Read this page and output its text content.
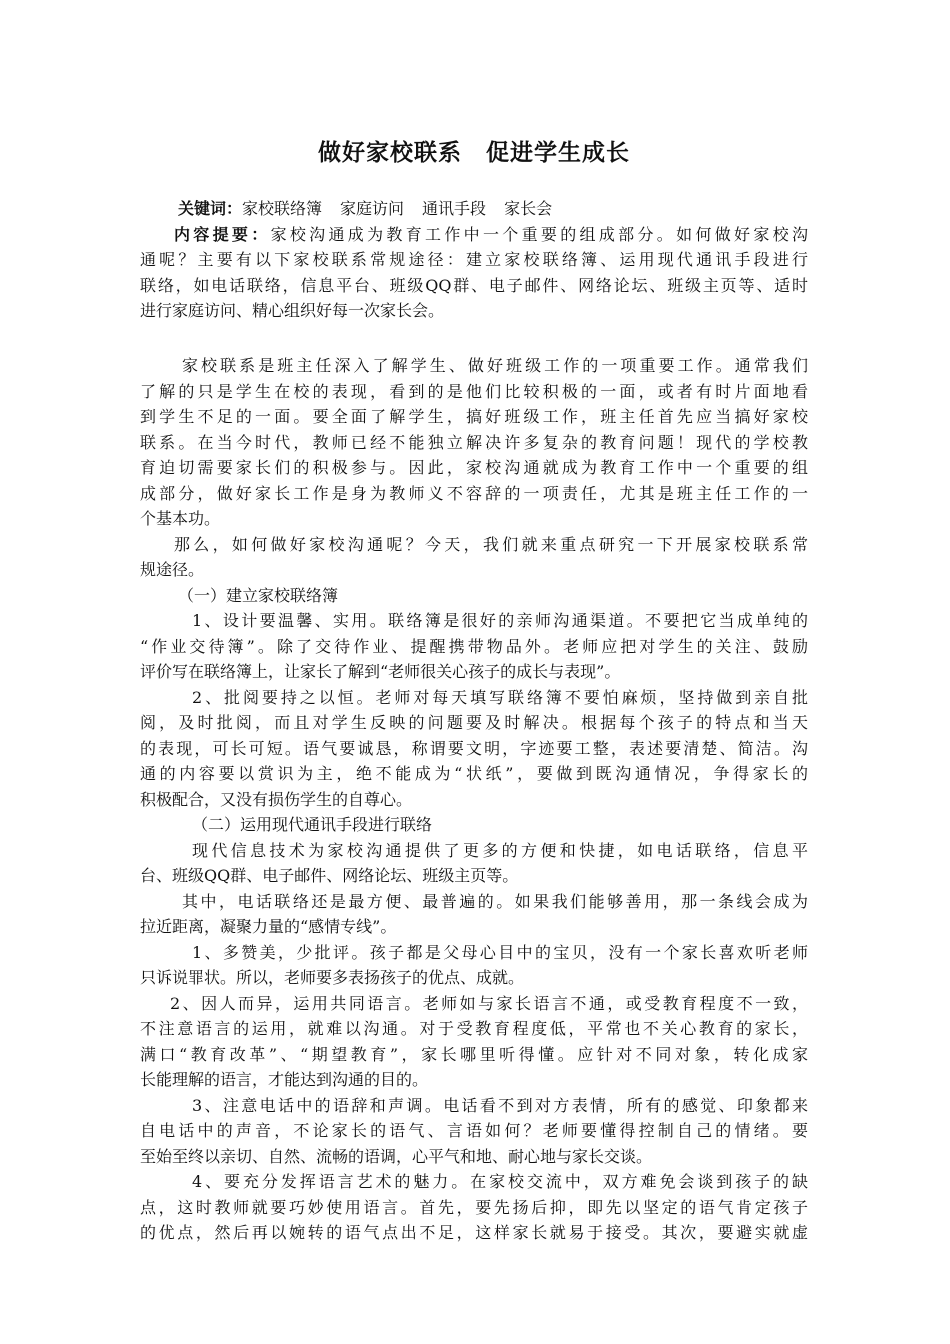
做好家校联系 促进学生成长
关键词：家校联络簿 家庭访问 通讯手段 家长会
内容提要：家校沟通成为教育工作中一个重要的组成部分。如何做好家校沟
通呢？主要有以下家校联系常规途径：建立家校联络簿、运用现代通讯手段进行
联络，如电话联络，信息平台、班级QQ群、电子邮件、网络论坛、班级主页等、适时
进行家庭访问、精心组织好每一次家长会。
家校联系是班主任深入了解学生、做好班级工作的一项重要工作。通常我们
了解的只是学生在校的表现，看到的是他们比较积极的一面，或者有时片面地看
到学生不足的一面。要全面了解学生，搞好班级工作，班主任首先应当搞好家校
联系。在当今时代，教师已经不能独立解决许多复杂的教育问题！现代的学校教
育迫切需要家长们的积极参与。因此，家校沟通就成为教育工作中一个重要的组
成部分，做好家长工作是身为教师义不容辞的一项责任，尤其是班主任工作的一
个基本功。
那么，如何做好家校沟通呢？今天，我们就来重点研究一下开展家校联系常
规途径。
（一）建立家校联络簿
1、设计要温馨、实用。联络簿是很好的亲师沟通渠道。不要把它当成单纯的
“作业交待簿”。除了交待作业、提醒携带物品外。老师应把对学生的关注、鼓励
评价写在联络簿上，让家长了解到“老师很关心孩子的成长与表现”。
2、批阅要持之以恒。老师对每天填写联络簿不要怕麻烦，坚持做到亲自批
阅，及时批阅，而且对学生反映的问题要及时解决。根据每个孩子的特点和当天
的表现，可长可短。语气要诚恳，称谓要文明，字迹要工整，表述要清楚、简洁。沟
通的内容要以赏识为主，绝不能成为“状纸”，要做到既沟通情况，争得家长的
积极配合，又没有损伤学生的自尊心。
（二）运用现代通讯手段进行联络
现代信息技术为家校沟通提供了更多的方便和快捷，如电话联络，信息平
台、班级QQ群、电子邮件、网络论坛、班级主页等。
其中，电话联络还是最方便、最普遍的。如果我们能够善用，那一条线会成为
拉近距离，凝聚力量的“感情专线”。
1、多赞美，少批评。孩子都是父母心目中的宝贝，没有一个家长喜欢听老师
只诉说罪状。所以，老师要多表扬孩子的优点、成就。
2、因人而异，运用共同语言。老师如与家长语言不通，或受教育程度不一致，
不注意语言的运用，就难以沟通。对于受教育程度低，平常也不关心教育的家长，
满口“教育改革”、“期望教育”，家长哪里听得懂。应针对不同对象，转化成家
长能理解的语言，才能达到沟通的目的。
3、注意电话中的语辞和声调。电话看不到对方表情，所有的感觉、印象都来
自电话中的声音，不论家长的语气、言语如何？老师要懂得控制自己的情绪。要
至始至终以亲切、自然、流畅的语调，心平气和地、耐心地与家长交谈。
4、要充分发挥语言艺术的魅力。在家校交流中，双方难免会谈到孩子的缺
点，这时教师就要巧妙使用语言。首先，要先扬后抑，即先以坚定的语气肯定孩子
的优点，然后再以婉转的语气点出不足，这样家长就易于接受。其次，要避实就虚
